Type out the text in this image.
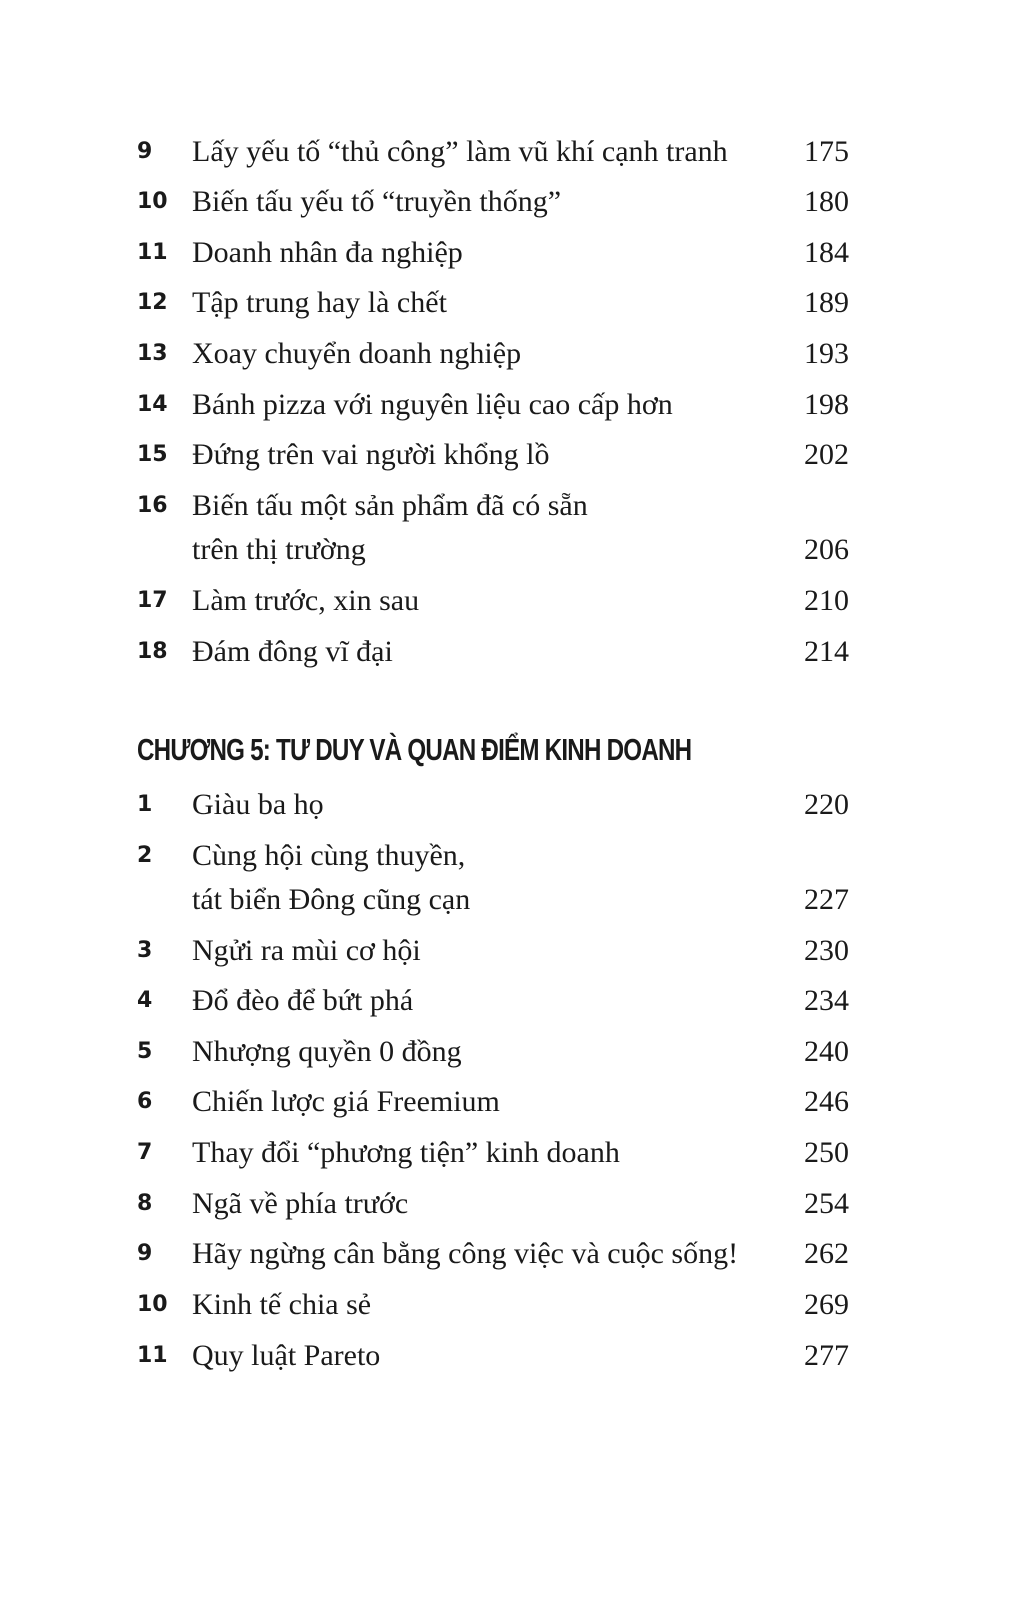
9	Lấy yếu tố “thủ công” làm vũ khí cạnh tranh	175
10 Biến tấu yếu tố “truyền thống”	180
11 Doanh nhân đa nghiệp	184
12 Tập trung hay là chết	189
13 Xoay chuyển doanh nghiệp	193
14 Bánh pizza với nguyên liệu cao cấp hơn	198
15 Đứng trên vai người khổng lồ	202
16 Biến tấu một sản phẩm đã có sẵn
trên thị trường	206
17 Làm trước, xin sau	210
18 Đám đông vĩ đại	214
CHƯƠNG 5: TƯ DUY VÀ QUAN ĐIỂM KINH DOANH
1	Giàu ba họ	220
2	Cùng hội cùng thuyền,
tát biển Đông cũng cạn	227
3	Ngửi ra mùi cơ hội	230
4	Đổ đèo để bứt phá	234
5	Nhượng quyền 0 đồng	240
6	Chiến lược giá Freemium	246
7	Thay đổi “phương tiện” kinh doanh	250
8	Ngã về phía trước	254
9	Hãy ngừng cân bằng công việc và cuộc sống! 262
10 Kinh tế chia sẻ	269
11 Quy luật Pareto	277
